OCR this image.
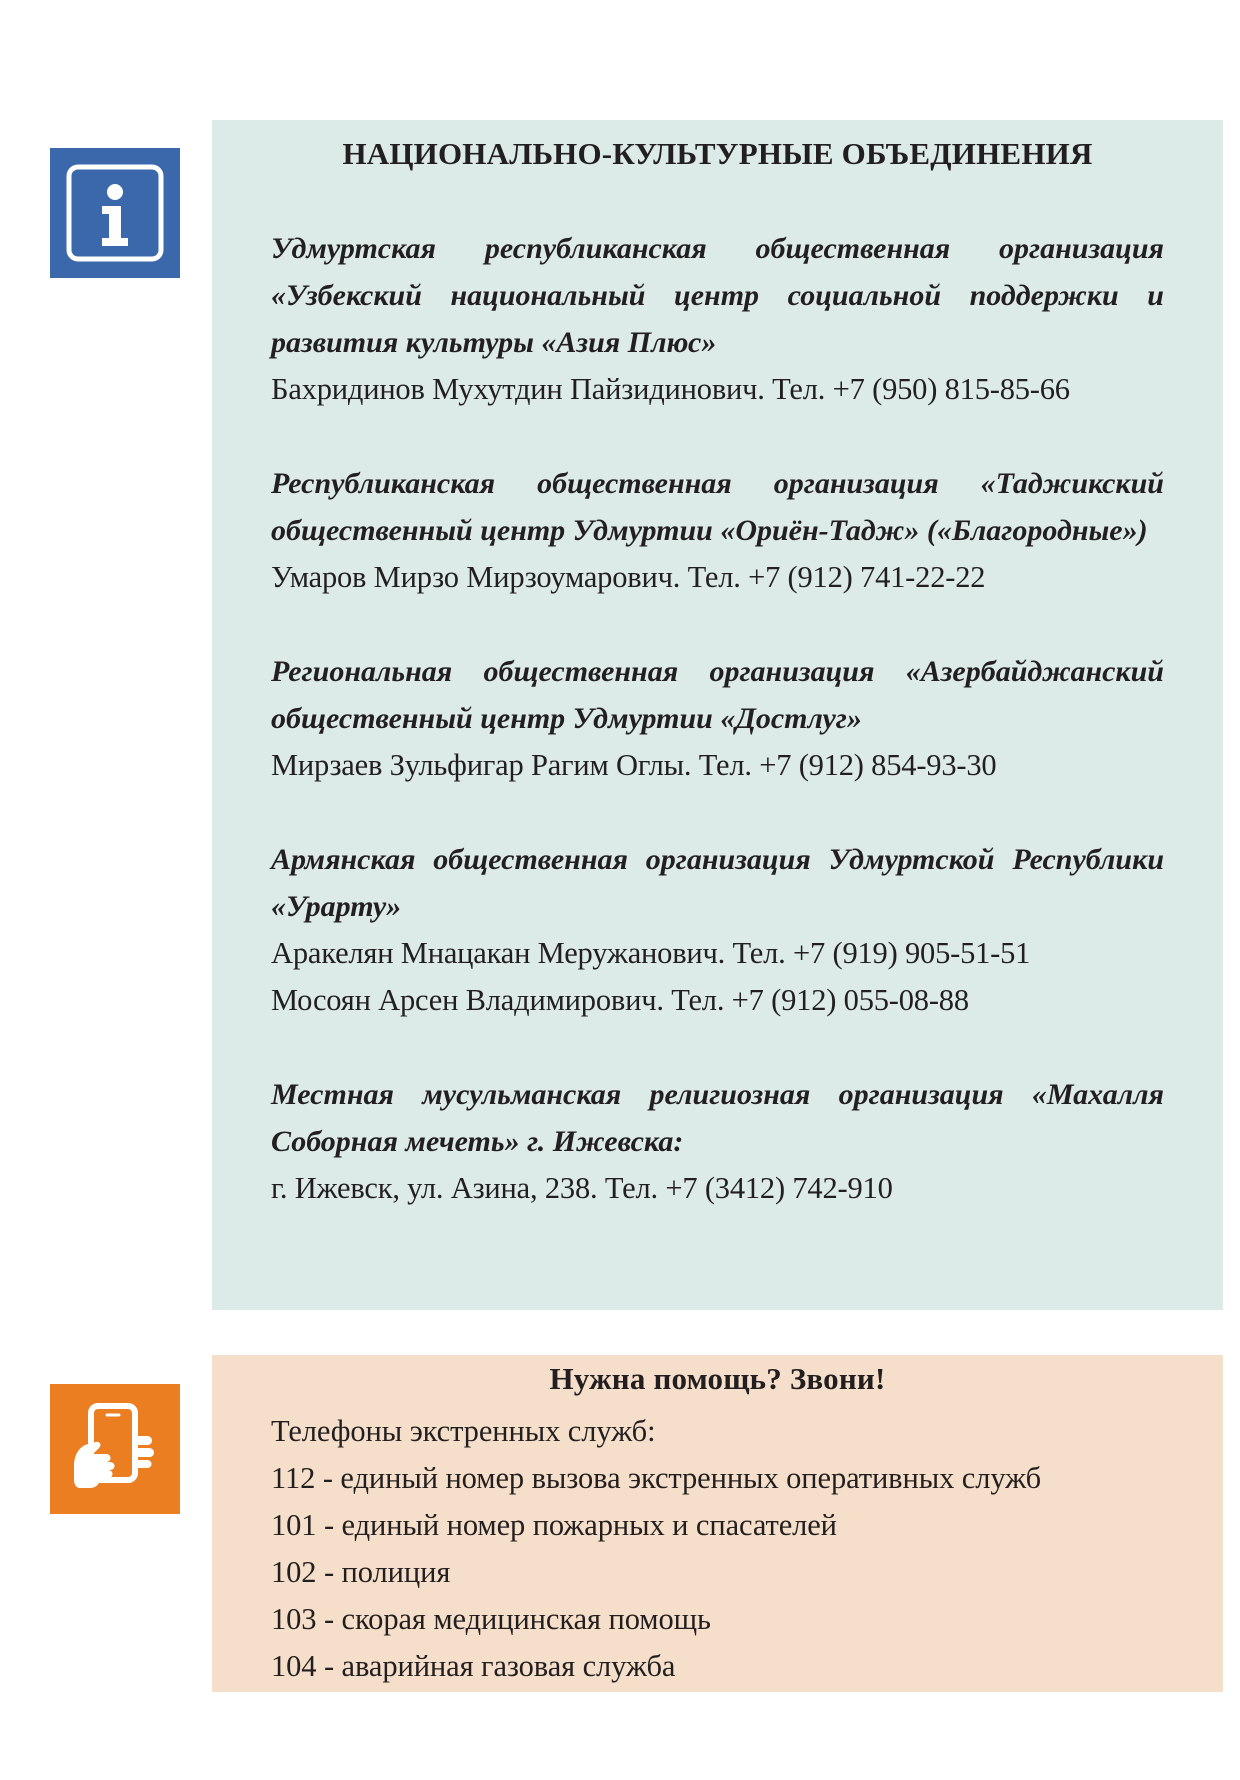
НАЦИОНАЛЬНО-КУЛЬТУРНЫЕ ОБЪЕДИНЕНИЯ

Удмуртская республиканская общественная организация «Узбекский национальный центр социальной поддержки и развития культуры «Азия Плюс»

Бахридинов Мухутдин Пайзидинович. Тел. +7 (950) 815-85-66

Республиканская общественная организация «Таджикский общественный центр Удмуртии «Ориён-Тадж» («Благородные»)

Умаров Мирзо Мирзоумарович. Тел. +7 (912) 741-22-22

Региональная общественная организация «Азербайджанский общественный центр Удмуртии «Достлуг»

Мирзаев Зульфигар Рагим Оглы. Тел. +7 (912) 854-93-30

Армянская общественная организация Удмуртской Республики «Урарту»

Аракелян Мнацакан Меружанович. Тел. +7 (919) 905-51-51

Мосоян Арсен Владимирович. Тел. +7 (912) 055-08-88

Местная мусульманская религиозная организация «Махалля Соборная мечеть» г. Ижевска:

г. Ижевск, ул. Азина, 238. Тел. +7 (3412) 742-910

Нужна помощь? Звони!

Телефоны экстренных служб:

112 - единый номер вызова экстренных оперативных служб

101 - единый номер пожарных и спасателей

102 - полиция

103 - скорая медицинская помощь

104 - аварийная газовая служба
